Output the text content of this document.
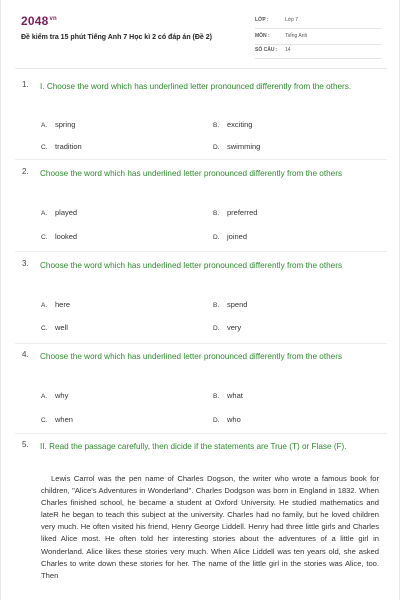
$2048^{vn}$
Đề kiểm tra 15 phút Tiếng Anh 7 Học kì 2 có đáp án (Đề 2)
LỚP :	Lớp 7
MÔN :	Tiếng Anh
SỐ CÂU : 14
1. I. Choose the word which has underlined letter pronounced differently from the others.
A. spring	B. exciting
C. tradition	D. swimming
2. Choose the word which has underlined letter pronounced differently from the others
A. played	B. preferred
C. looked	D. joined
3. Choose the word which has underlined letter pronounced differently from the others
A. here	B. spend
C. well	D. very
4. Choose the word which has underlined letter pronounced differently from the others
A. why	B. what
C. when	D. who
5. II. Read the passage carefully, then dicide if the statements are True (T) or Flase (F).
Lewis Carrol was the pen name of Charles Dogson, the writer who wrote a famous book for children, "Alice's Adventures in Wonderland". Charles Dodgson was born in England in 1832. When Charles finished school, he became a student at Oxford University. He studied mathematics and lateR he began to teach this subject at the university. Charles had no family, but he loved children very much. He often visited his friend, Henry George Liddell. Henry had three little girls and Charles liked Alice most. He often told her interesting stories about the adventures of a little girl in Wonderland. Alice likes these stories very much. When Alice Liddell was ten years old, she asked Charles to write down these stories for her. The name of the little girl in the stories was Alice, too. Then
